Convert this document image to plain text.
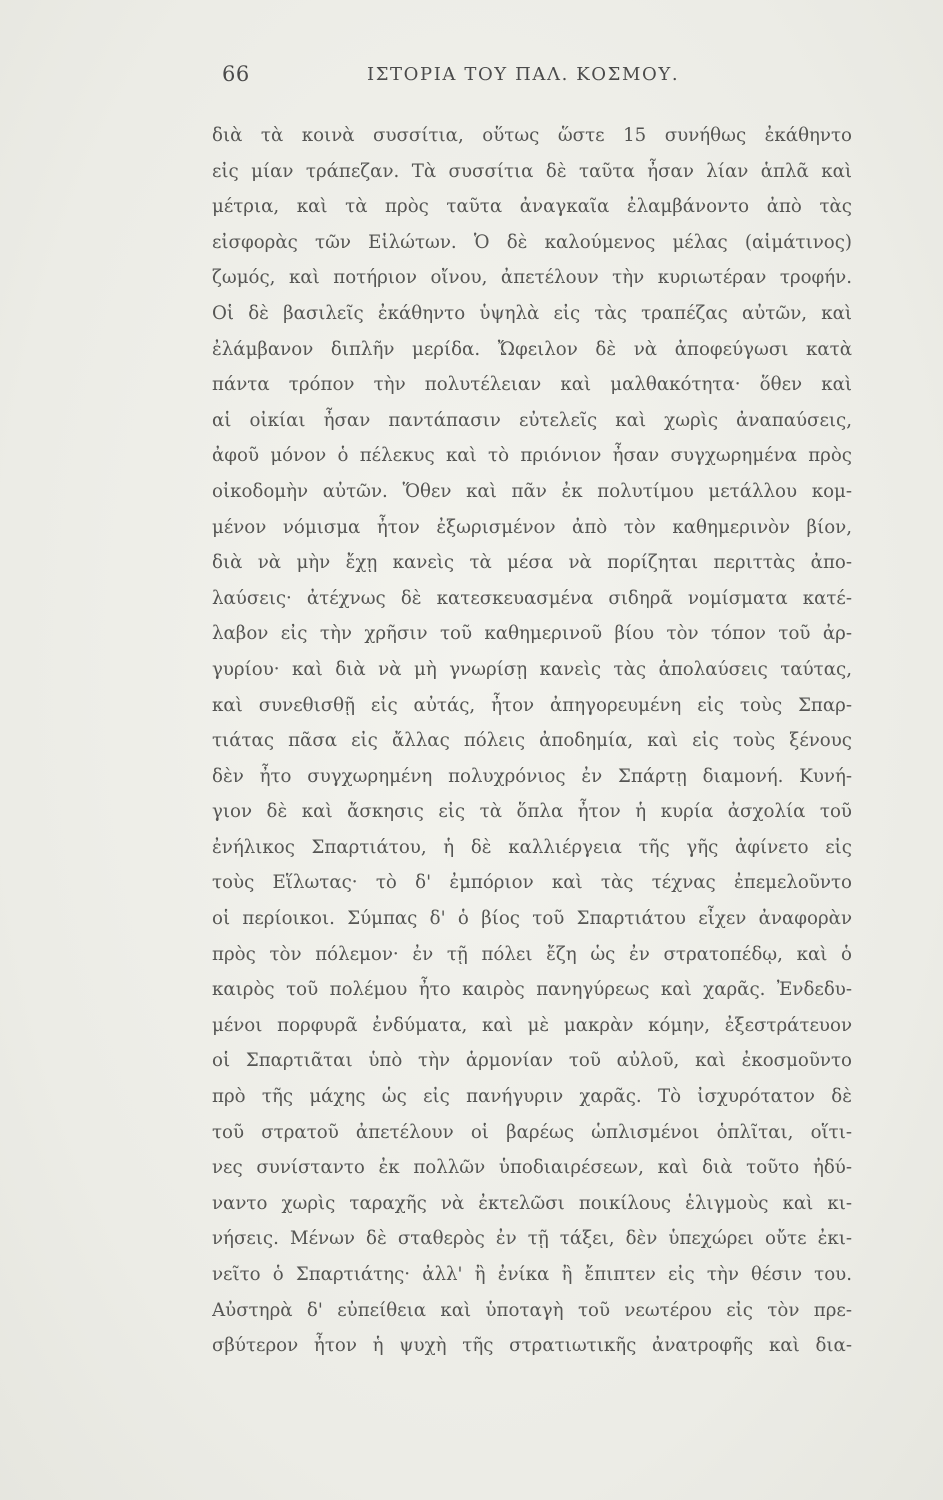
66	ΙΣΤΟΡΙΑ ΤΟΥ ΠΑΛ. ΚΟΣΜΟΥ.
διὰ τὰ κοινὰ συσσίτια, οὕτως ὥστε 15 συνήθως ἐκάθηντο
εἰς μίαν τράπεζαν. Τὰ συσσίτια δὲ ταῦτα ἦσαν λίαν ἁπλᾶ καὶ
μέτρια, καὶ τὰ πρὸς ταῦτα ἀναγκαῖα ἐλαμβάνοντο ἀπὸ τὰς
εἰσφορὰς τῶν Εἱλώτων. Ὁ δὲ καλούμενος μέλας (αἱμάτινος)
ζωμός, καὶ ποτήριον οἴνου, ἀπετέλουν τὴν κυριωτέραν τροφήν.
Οἱ δὲ βασιλεῖς ἐκάθηντο ὑψηλὰ εἰς τὰς τραπέζας αὐτῶν, καὶ
ἐλάμβανον διπλῆν μερίδα. Ὤφειλον δὲ νὰ ἀποφεύγωσι κατὰ
πάντα τρόπον τὴν πολυτέλειαν καὶ μαλθακότητα· ὅθεν καὶ
αἱ οἰκίαι ἦσαν παντάπασιν εὐτελεῖς καὶ χωρὶς ἀναπαύσεις,
ἀφοῦ μόνον ὁ πέλεκυς καὶ τὸ πριόνιον ἦσαν συγχωρημένα πρὸς
οἰκοδομὴν αὐτῶν. Ὅθεν καὶ πᾶν ἐκ πολυτίμου μετάλλου κομ-
μένον νόμισμα ἦτον ἐξωρισμένον ἀπὸ τὸν καθημερινὸν βίον,
διὰ νὰ μὴν ἔχῃ κανεὶς τὰ μέσα νὰ πορίζηται περιττὰς ἀπο-
λαύσεις· ἀτέχνως δὲ κατεσκευασμένα σιδηρᾶ νομίσματα κατέ-
λαβον εἰς τὴν χρῆσιν τοῦ καθημερινοῦ βίου τὸν τόπον τοῦ ἀρ-
γυρίου· καὶ διὰ νὰ μὴ γνωρίσῃ κανεὶς τὰς ἀπολαύσεις ταύτας,
καὶ συνεθισθῇ εἰς αὐτάς, ἦτον ἀπηγορευμένη εἰς τοὺς Σπαρ-
τιάτας πᾶσα εἰς ἄλλας πόλεις ἀποδημία, καὶ εἰς τοὺς ξένους
δὲν ἦτο συγχωρημένη πολυχρόνιος ἐν Σπάρτῃ διαμονή. Κυνή-
γιον δὲ καὶ ἄσκησις εἰς τὰ ὅπλα ἦτον ἡ κυρία ἀσχολία τοῦ
ἐνήλικος Σπαρτιάτου, ἡ δὲ καλλιέργεια τῆς γῆς ἀφίνετο εἰς
τοὺς Εἵλωτας· τὸ δ' ἐμπόριον καὶ τὰς τέχνας ἐπεμελοῦντο
οἱ περίοικοι. Σύμπας δ' ὁ βίος τοῦ Σπαρτιάτου εἶχεν ἀναφορὰν
πρὸς τὸν πόλεμον· ἐν τῇ πόλει ἔζη ὡς ἐν στρατοπέδῳ, καὶ ὁ
καιρὸς τοῦ πολέμου ἦτο καιρὸς πανηγύρεως καὶ χαρᾶς. Ἐνδεδυ-
μένοι πορφυρᾶ ἐνδύματα, καὶ μὲ μακρὰν κόμην, ἐξεστράτευον
οἱ Σπαρτιᾶται ὑπὸ τὴν ἁρμονίαν τοῦ αὐλοῦ, καὶ ἐκοσμοῦντο
πρὸ τῆς μάχης ὡς εἰς πανήγυριν χαρᾶς. Τὸ ἰσχυρότατον δὲ
τοῦ στρατοῦ ἀπετέλουν οἱ βαρέως ὡπλισμένοι ὁπλῖται, οἵτι-
νες συνίσταντο ἐκ πολλῶν ὑποδιαιρέσεων, καὶ διὰ τοῦτο ἠδύ-
ναντο χωρὶς ταραχῆς νὰ ἐκτελῶσι ποικίλους ἑλιγμοὺς καὶ κι-
νήσεις. Μένων δὲ σταθερὸς ἐν τῇ τάξει, δὲν ὑπεχώρει οὔτε ἐκι-
νεῖτο ὁ Σπαρτιάτης· ἀλλ' ἢ ἐνίκα ἢ ἔπιπτεν εἰς τὴν θέσιν του.
Αὐστηρὰ δ' εὐπείθεια καὶ ὑποταγὴ τοῦ νεωτέρου εἰς τὸν πρε-
σβύτερον ἦτον ἡ ψυχὴ τῆς στρατιωτικῆς ἀνατροφῆς καὶ δια-
